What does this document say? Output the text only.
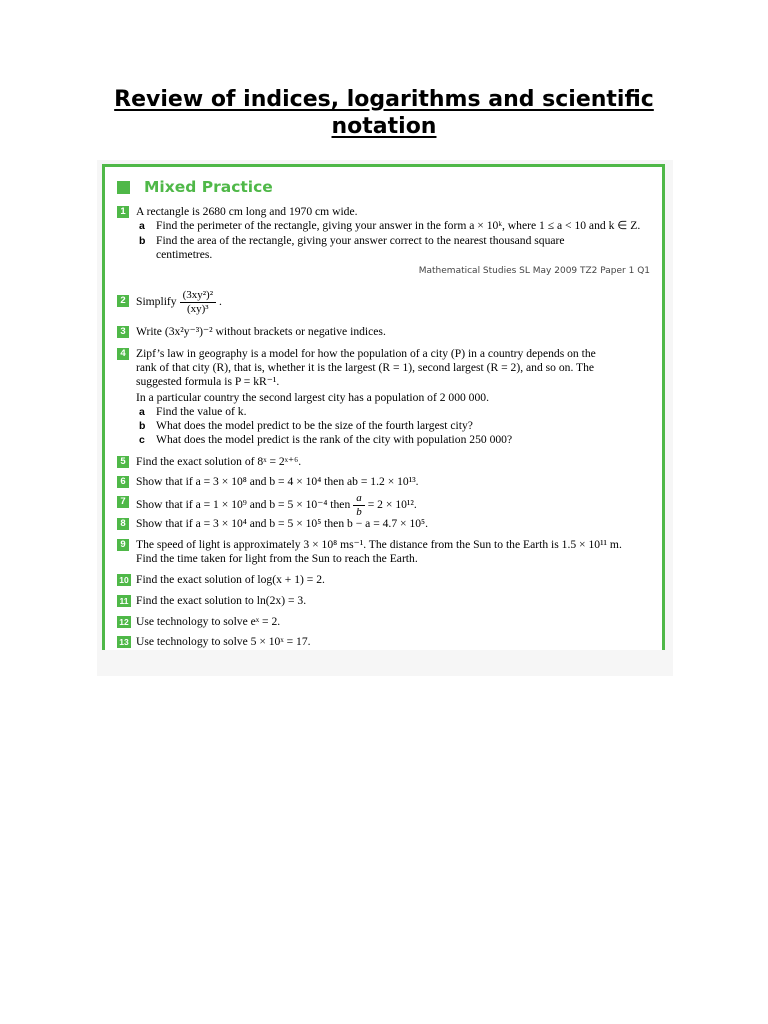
Review of indices, logarithms and scientific notation
Mixed Practice
1 A rectangle is 2680 cm long and 1970 cm wide.
a Find the perimeter of the rectangle, giving your answer in the form a × 10ᵏ, where 1 ≤ a < 10 and k ∈ Z.
b Find the area of the rectangle, giving your answer correct to the nearest thousand square
centimetres.
Mathematical Studies SL May 2009 TZ2 Paper 1 Q1
2 Simplify $\frac{\text{(3xy²)²}}{\text{(xy)³}}$ .
3 Write (3x²y⁻³)⁻² without brackets or negative indices.
4 Zipf’s law in geography is a model for how the population of a city (P) in a country depends on the
rank of that city (R), that is, whether it is the largest (R = 1), second largest (R = 2), and so on. The
suggested formula is P = kR⁻¹.
In a particular country the second largest city has a population of 2 000 000.
a Find the value of k.
b What does the model predict to be the size of the fourth largest city?
c What does the model predict is the rank of the city with population 250 000?
5 Find the exact solution of 8ˣ = 2ˣ⁺⁶.
6 Show that if a = 3 × 10⁸ and b = 4 × 10⁴ then ab = 1.2 × 10¹³.
7 Show that if a = 1 × 10⁹ and b = 5 × 10⁻⁴ then $\frac{a}{b} = 2 \times 10^{12}$.
8 Show that if a = 3 × 10⁴ and b = 5 × 10⁵ then b − a = 4.7 × 10⁵.
9 The speed of light is approximately 3 × 10⁸ ms⁻¹. The distance from the Sun to the Earth is 1.5 × 10¹¹ m.
Find the time taken for light from the Sun to reach the Earth.
10 Find the exact solution of log(x + 1) = 2.
11 Find the exact solution to ln(2x) = 3.
12 Use technology to solve eˣ = 2.
13 Use technology to solve 5 × 10ˣ = 17.
